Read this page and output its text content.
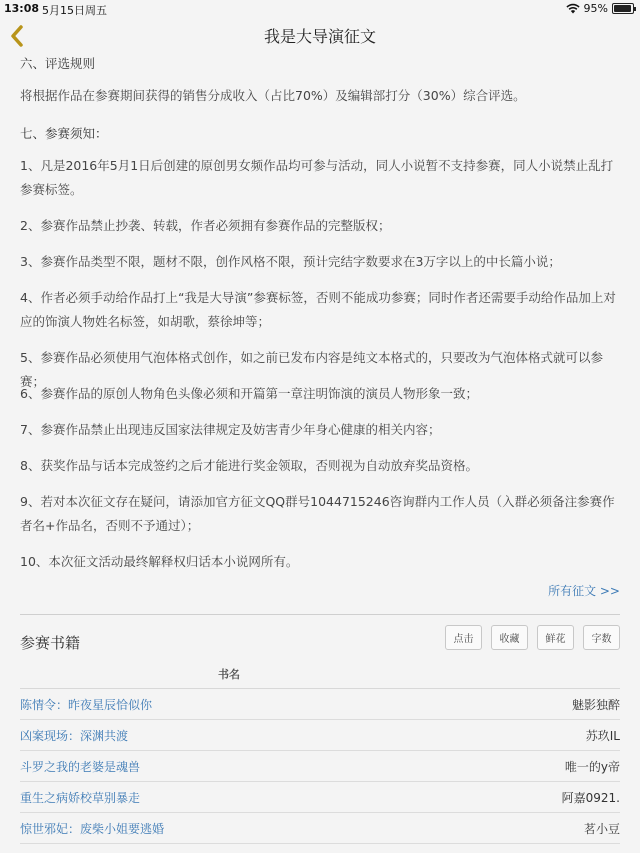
13:08 5月15日周五	95%
我是大导演征文
六、评选规则
将根据作品在参赛期间获得的销售分成收入（占比70%）及编辑部打分（30%）综合评选。
七、参赛须知：
1、凡是2016年5月1日后创建的原创男女频作品均可参与活动，同人小说暂不支持参赛，同人小说禁止乱打参赛标签。
2、参赛作品禁止抄袭、转载，作者必须拥有参赛作品的完整版权；
3、参赛作品类型不限，题材不限，创作风格不限，预计完结字数要求在3万字以上的中长篇小说；
4、作者必须手动给作品打上“我是大导演”参赛标签，否则不能成功参赛；同时作者还需要手动给作品加上对应的饰演人物姓名标签，如胡歌，蔡徐坤等；
5、参赛作品必须使用气泡体格式创作，如之前已发布内容是纯文本格式的，只要改为气泡体格式就可以参赛；
6、参赛作品的原创人物角色头像必须和开篇第一章注明饰演的演员人物形象一致；
7、参赛作品禁止出现违反国家法律规定及妨害青少年身心健康的相关内容；
8、获奖作品与话本完成签约之后才能进行奖金领取，否则视为自动放弃奖品资格。
9、若对本次征文存在疑问，请添加官方征文QQ群号1044715246咨询群内工作人员（入群必须备注参赛作者名+作品名，否则不予通过）；
10、本次征文活动最终解释权归话本小说网所有。
所有征文 >>
参赛书籍	点击	收藏	鲜花	字数
书名
陈情令：昨夜星辰恰似你	魅影独醉
凶案现场：深渊共渡	苏玖IL
斗罗之我的老婆是魂兽	唯一的y帝
重生之病娇校草别暴走	阿嘉0921.
惊世邪妃：废柴小姐要逃婚	茗小豆
